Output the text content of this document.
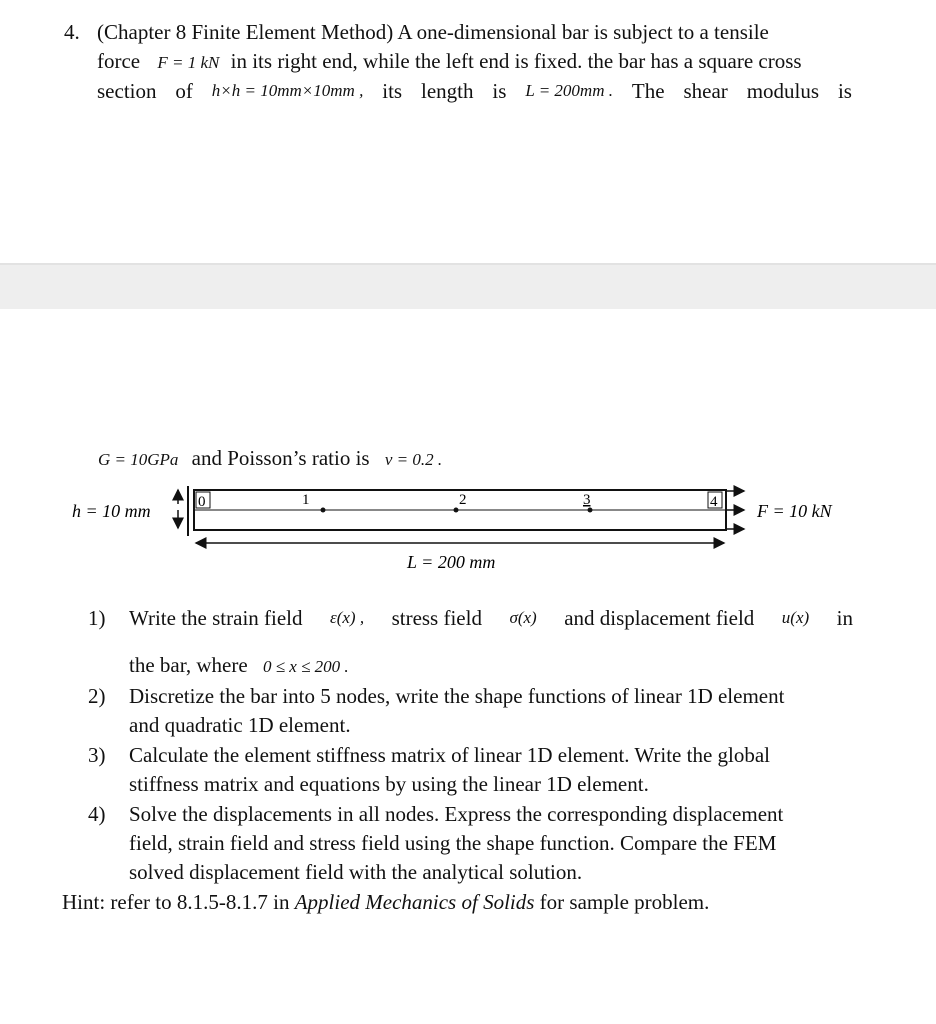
4. (Chapter 8 Finite Element Method) A one-dimensional bar is subject to a tensile
force F = 1 kN in its right end, while the left end is fixed. the bar has a square cross
section of h×h = 10mm×10mm , its length is L = 200mm . The shear modulus is
G = 10GPa and Poisson’s ratio is ν = 0.2 .
h = 10 mm	0	1	2	3	4 F = 10 kN
L = 200 mm
1) Write the strain field ε(x) , stress field σ(x) and displacement field u(x) in
the bar, where 0 ≤ x ≤ 200 .
2) Discretize the bar into 5 nodes, write the shape functions of linear 1D element
and quadratic 1D element.
3) Calculate the element stiffness matrix of linear 1D element. Write the global
stiffness matrix and equations by using the linear 1D element.
4) Solve the displacements in all nodes. Express the corresponding displacement
field, strain field and stress field using the shape function. Compare the FEM
solved displacement field with the analytical solution.
Hint: refer to 8.1.5-8.1.7 in Applied Mechanics of Solids for sample problem.
